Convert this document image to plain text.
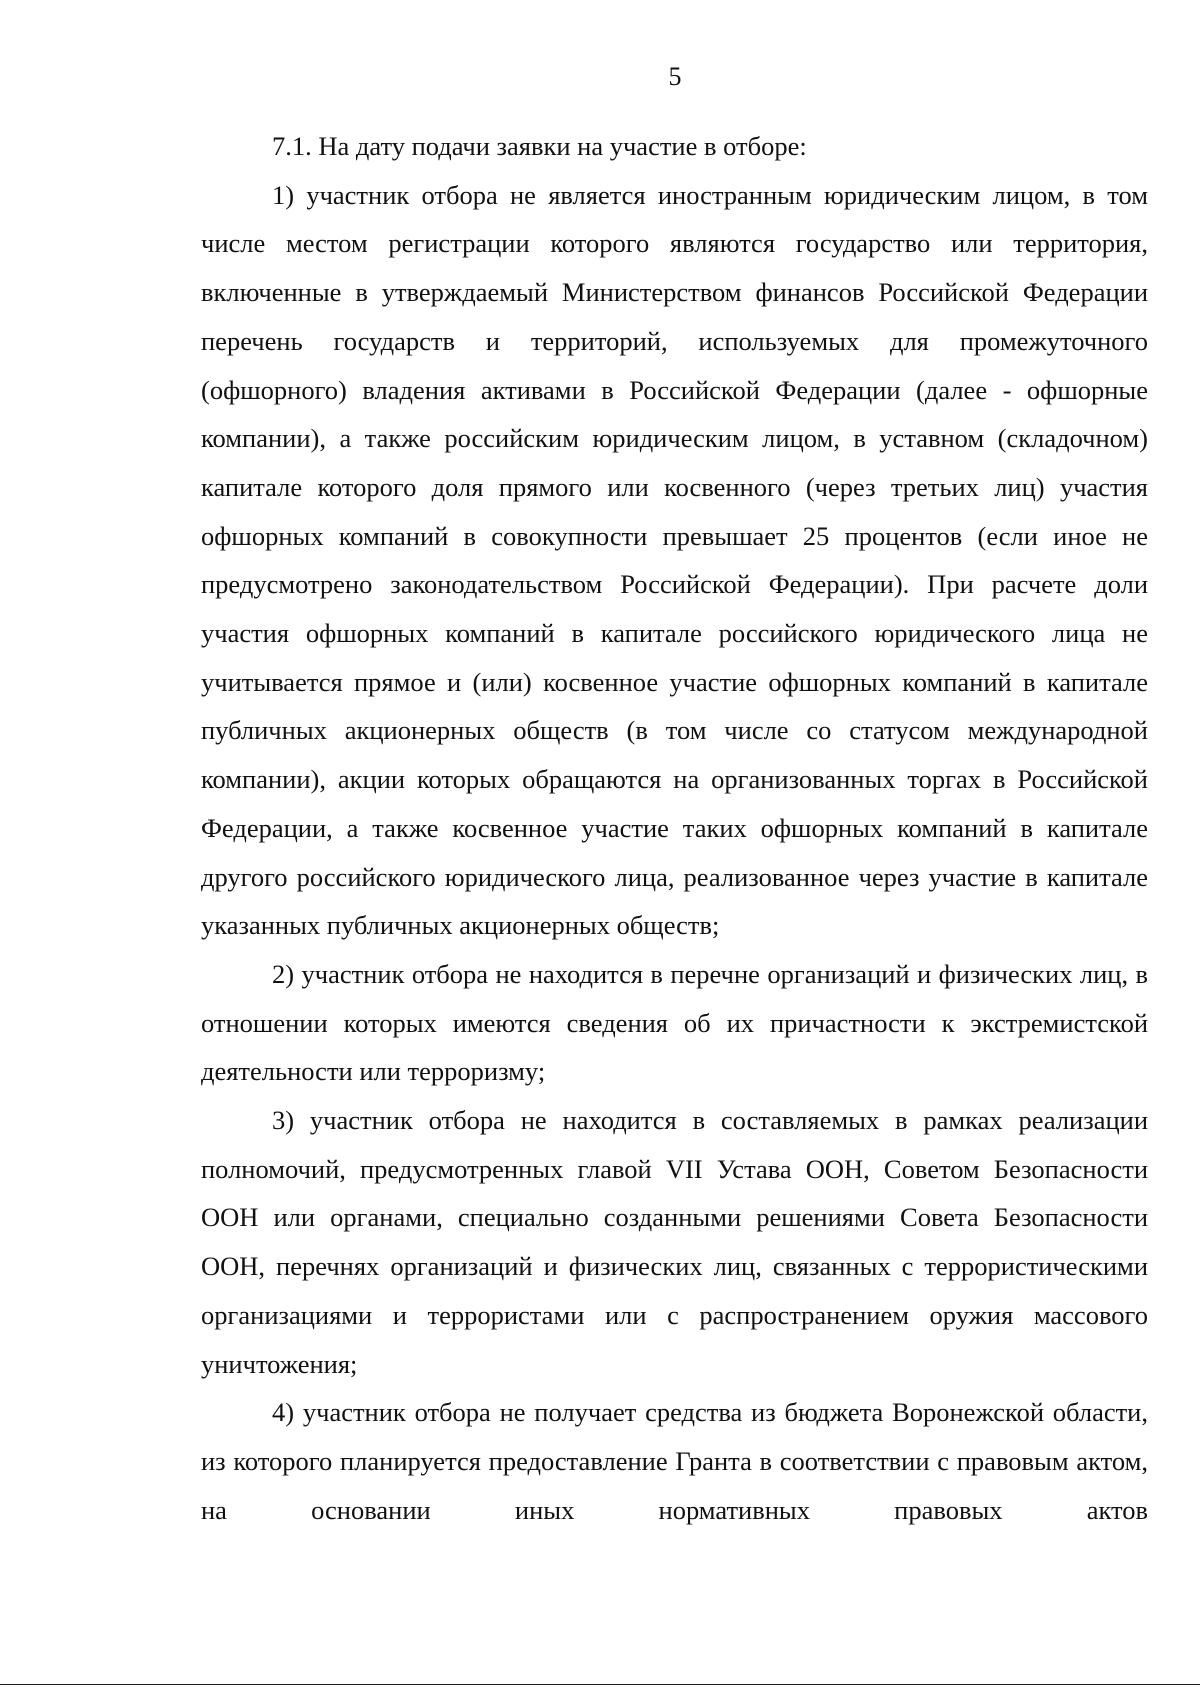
5

7.1. На дату подачи заявки на участие в отборе:

1) участник отбора не является иностранным юридическим лицом, в том числе местом регистрации которого являются государство или территория, включенные в утверждаемый Министерством финансов Российской Федерации перечень государств и территорий, используемых для промежуточного (офшорного) владения активами в Российской Федерации (далее - офшорные компании), а также российским юридическим лицом, в уставном (складочном) капитале которого доля прямого или косвенного (через третьих лиц) участия офшорных компаний в совокупности превышает 25 процентов (если иное не предусмотрено законодательством Российской Федерации). При расчете доли участия офшорных компаний в капитале российского юридического лица не учитывается прямое и (или) косвенное участие офшорных компаний в капитале публичных акционерных обществ (в том числе со статусом международной компании), акции которых обращаются на организованных торгах в Российской Федерации, а также косвенное участие таких офшорных компаний в капитале другого российского юридического лица, реализованное через участие в капитале указанных публичных акционерных обществ;

2) участник отбора не находится в перечне организаций и физических лиц, в отношении которых имеются сведения об их причастности к экстремистской деятельности или терроризму;

3) участник отбора не находится в составляемых в рамках реализации полномочий, предусмотренных главой VII Устава ООН, Советом Безопасности ООН или органами, специально созданными решениями Совета Безопасности ООН, перечнях организаций и физических лиц, связанных с террористическими организациями и террористами или с распространением оружия массового уничтожения;

4) участник отбора не получает средства из бюджета Воронежской области, из которого планируется предоставление Гранта в соответствии с правовым актом, на основании иных нормативных правовых актов
